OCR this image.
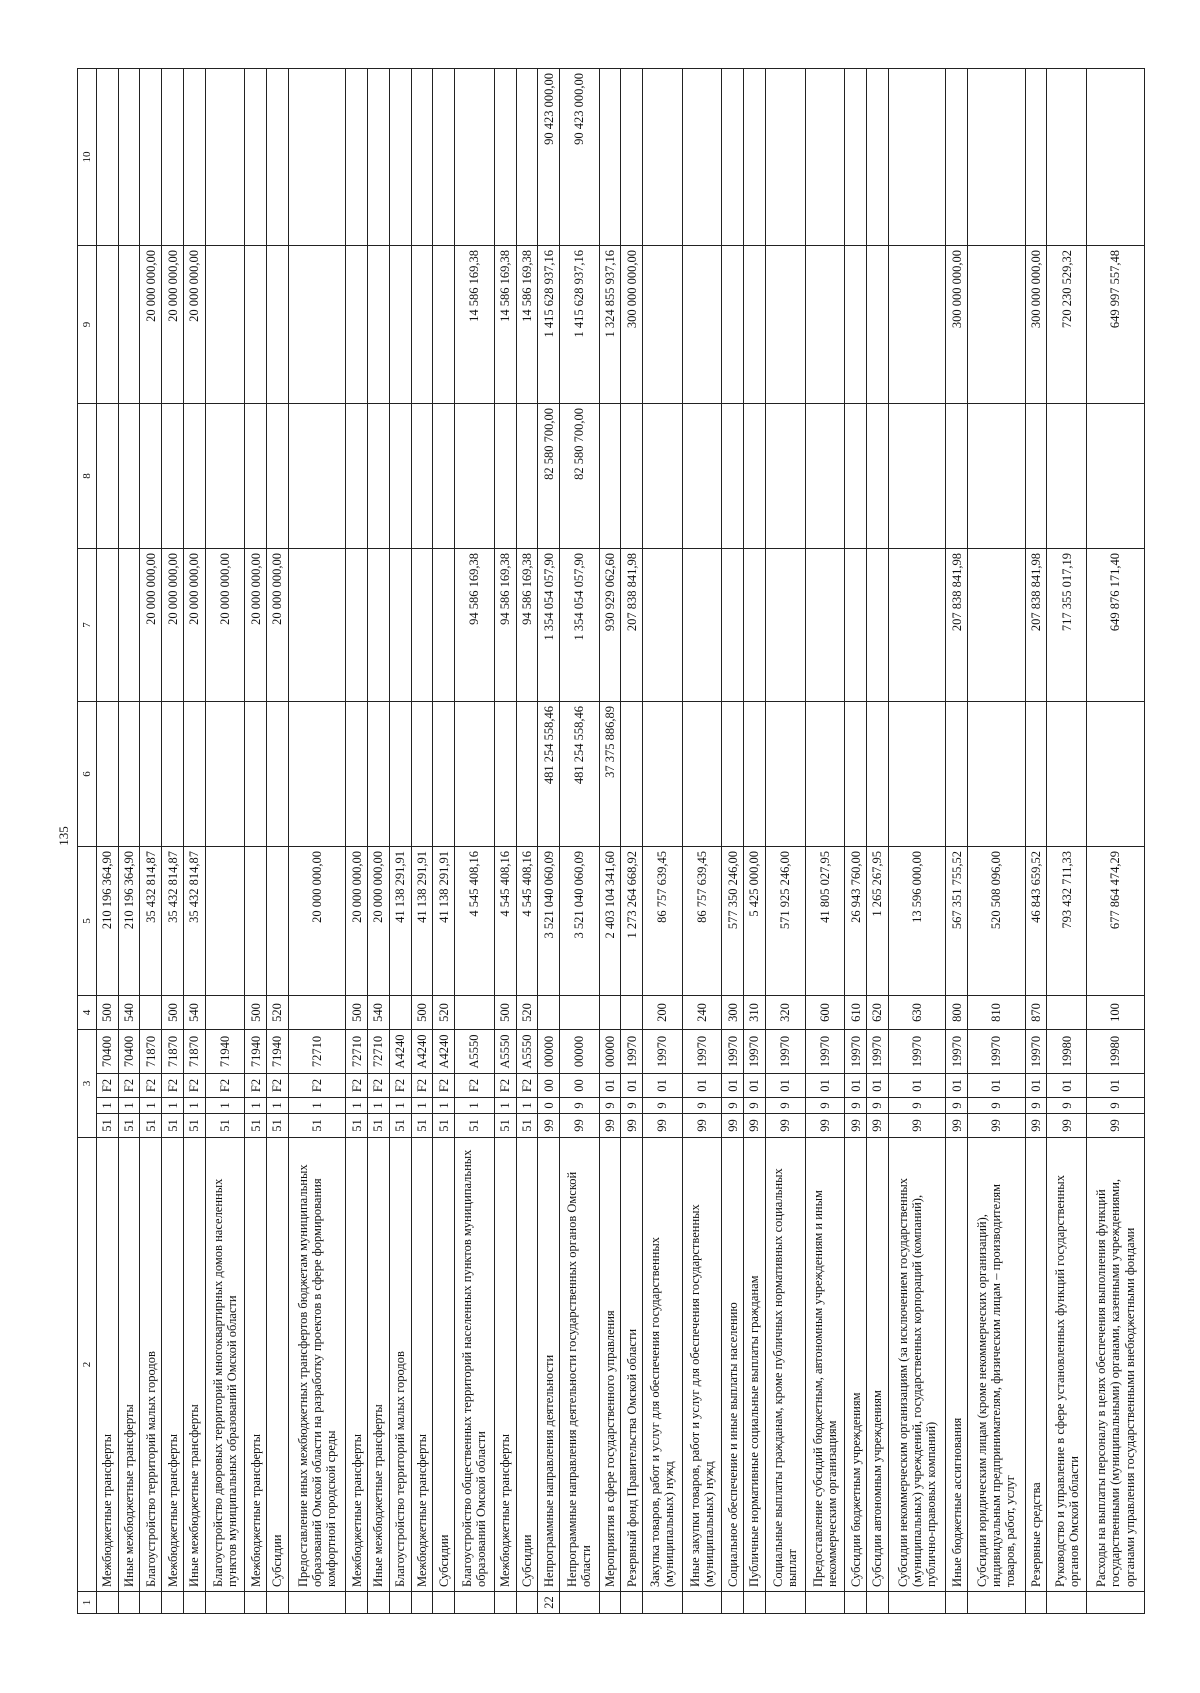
135
1	2	3				4	5	6	7	8	9	10
	Межбюджетные трансферты	51	1	F2	70400	500	210 196 364,90					
	Иные межбюджетные трансферты	51	1	F2	70400	540	210 196 364,90					
	Благоустройство территорий малых городов	51	1	F2	71870		35 432 814,87		20 000 000,00		20 000 000,00	
	Межбюджетные трансферты	51	1	F2	71870	500	35 432 814,87		20 000 000,00		20 000 000,00	
	Иные межбюджетные трансферты	51	1	F2	71870	540	35 432 814,87		20 000 000,00		20 000 000,00	
	Благоустройство дворовых территорий многоквартирных домов населенных пунктов муниципальных образований Омской области	51	1	F2	71940				20 000 000,00			
	Межбюджетные трансферты	51	1	F2	71940	500			20 000 000,00			
	Субсидии	51	1	F2	71940	520			20 000 000,00			
	Предоставление иных межбюджетных трансфертов бюджетам муниципальных образований Омской области на разработку проектов в сфере формирования комфортной городской среды	51	1	F2	72710		20 000 000,00					
	Межбюджетные трансферты	51	1	F2	72710	500	20 000 000,00					
	Иные межбюджетные трансферты	51	1	F2	72710	540	20 000 000,00					
	Благоустройство территорий малых городов	51	1	F2	A4240		41 138 291,91					
	Межбюджетные трансферты	51	1	F2	A4240	500	41 138 291,91					
	Субсидии	51	1	F2	A4240	520	41 138 291,91					
	Благоустройство общественных территорий населенных пунктов муниципальных образований Омской области	51	1	F2	A5550		4 545 408,16		94 586 169,38		14 586 169,38	
	Межбюджетные трансферты	51	1	F2	A5550	500	4 545 408,16		94 586 169,38		14 586 169,38	
	Субсидии	51	1	F2	A5550	520	4 545 408,16		94 586 169,38		14 586 169,38	
22	Непрограммные направления деятельности	99	0	00	00000		3 521 040 060,09	481 254 558,46	1 354 054 057,90	82 580 700,00	1 415 628 937,16	90 423 000,00
	Непрограммные направления деятельности государственных органов Омской области	99	9	00	00000		3 521 040 060,09	481 254 558,46	1 354 054 057,90	82 580 700,00	1 415 628 937,16	90 423 000,00
	Мероприятия в сфере государственного управления	99	9	01	00000		2 403 104 341,60	37 375 886,89	930 929 062,60		1 324 855 937,16	
	Резервный фонд Правительства Омской области	99	9	01	19970		1 273 264 668,92		207 838 841,98		300 000 000,00	
	Закупка товаров, работ и услуг для обеспечения государственных (муниципальных) нужд	99	9	01	19970	200	86 757 639,45					
	Иные закупки товаров, работ и услуг для обеспечения государственных (муниципальных) нужд	99	9	01	19970	240	86 757 639,45					
	Социальное обеспечение и иные выплаты населению	99	9	01	19970	300	577 350 246,00					
	Публичные нормативные социальные выплаты гражданам	99	9	01	19970	310	5 425 000,00					
	Социальные выплаты гражданам, кроме публичных нормативных социальных выплат	99	9	01	19970	320	571 925 246,00					
	Предоставление субсидий бюджетным, автономным учреждениям и иным некоммерческим организациям	99	9	01	19970	600	41 805 027,95					
	Субсидии бюджетным учреждениям	99	9	01	19970	610	26 943 760,00					
	Субсидии автономным учреждениям	99	9	01	19970	620	1 265 267,95					
	Субсидии некоммерческим организациям (за исключением государственных (муниципальных) учреждений, государственных корпораций (компаний), публично-правовых компаний)	99	9	01	19970	630	13 596 000,00					
	Иные бюджетные ассигнования	99	9	01	19970	800	567 351 755,52		207 838 841,98		300 000 000,00	
	Субсидии юридическим лицам (кроме некоммерческих организаций), индивидуальным предпринимателям, физическим лицам – производителям товаров, работ, услуг	99	9	01	19970	810	520 508 096,00					
	Резервные средства	99	9	01	19970	870	46 843 659,52		207 838 841,98		300 000 000,00	
	Руководство и управление в сфере установленных функций государственных органов Омской области	99	9	01	19980		793 432 711,33		717 355 017,19		720 230 529,32	
	Расходы на выплаты персоналу в целях обеспечения выполнения функций государственными (муниципальными) органами, казенными учреждениями, органами управления государственными внебюджетными фондами	99	9	01	19980	100	677 864 474,29		649 876 171,40		649 997 557,48	
